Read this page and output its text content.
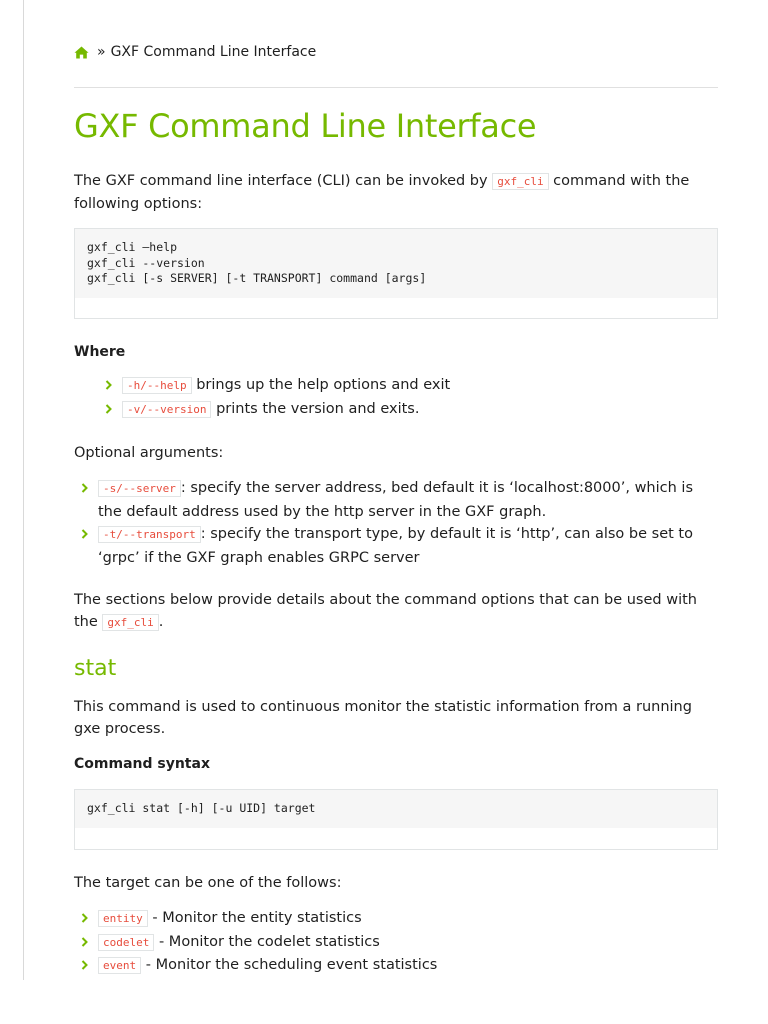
» GXF Command Line Interface
GXF Command Line Interface

The GXF command line interface (CLI) can be invoked by gxf_cli command with the

following options:

gxf_cli –help
gxf_cli --version
gxf_cli [-s SERVER] [-t TRANSPORT] command [args]

Where

-h/--help brings up the help options and exit
-v/--version prints the version and exits.

Optional arguments:

-s/--server : specify the server address, bed default it is ‘localhost:8000’, which is
the default address used by the http server in the GXF graph.
-t/--transport : specify the transport type, by default it is ‘http’, can also be set to
‘grpc’ if the GXF graph enables GRPC server

The sections below provide details about the command options that can be used with

the gxf_cli .

stat

This command is used to continuous monitor the statistic information from a running

gxe process.

Command syntax

gxf_cli stat [-h] [-u UID] target

The target can be one of the follows:

entity - Monitor the entity statistics
codelet - Monitor the codelet statistics
event - Monitor the scheduling event statistics
